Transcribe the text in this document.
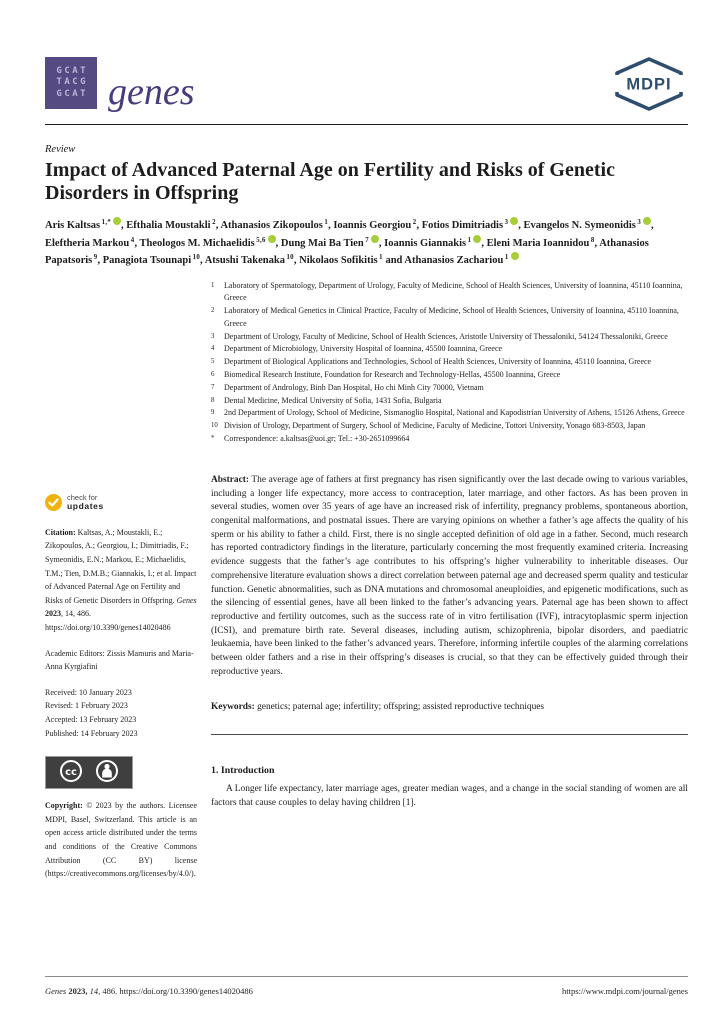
GCAT
TACG
GCAT genes	MDPI
Review
Impact of Advanced Paternal Age on Fertility and Risks of Genetic Disorders in Offspring

Aris Kaltsas $^{1,*}$ , Efthalia Moustakli $^2$, Athanasios Zikopoulos $^1$, Ioannis Georgiou $^2$, Fotios Dimitriadis $^3$ , Evangelos N. Symeonidis $^3$ , Eleftheria Markou $^4$, Theologos M. Michaelidis $^{5,6}$ , Dung Mai Ba Tien $^7$ , Ioannis Giannakis $^1$ , Eleni Maria Ioannidou $^8$, Athanasios Papatsoris $^9$, Panagiota Tsounapi $^{10}$, Atsushi Takenaka $^{10}$, Nikolaos Sofikitis $^1$ and Athanasios Zachariou $^1$

check for
updates
Citation: Kaltsas, A.; Moustakli, E.; Zikopoulos, A.; Georgiou, I.; Dimitriadis, F.; Symeonidis, E.N.; Markou, E.; Michaelidis, T.M.; Tien, D.M.B.; Giannakis, I.; et al. Impact of Advanced Paternal Age on Fertility and Risks of Genetic Disorders in Offspring. Genes 2023, 14, 486. https://doi.org/10.3390/genes14020486
Academic Editors: Zissis Mamuris and Maria-Anna Kyrgiafini
Received: 10 January 2023
Revised: 1 February 2023
Accepted: 13 February 2023
Published: 14 February 2023
cc
Copyright: © 2023 by the authors. Licensee MDPI, Basel, Switzerland. This article is an open access article distributed under the terms and conditions of the Creative Commons Attribution (CC BY) license (https://creativecommons.org/licenses/by/4.0/).
1	Laboratory of Spermatology, Department of Urology, Faculty of Medicine, School of Health Sciences, University of Ioannina, 45110 Ioannina, Greece
2	Laboratory of Medical Genetics in Clinical Practice, Faculty of Medicine, School of Health Sciences, University of Ioannina, 45110 Ioannina, Greece
3	Department of Urology, Faculty of Medicine, School of Health Sciences, Aristotle University of Thessaloniki, 54124 Thessaloniki, Greece
4	Department of Microbiology, University Hospital of Ioannina, 45500 Ioannina, Greece
5	Department of Biological Applications and Technologies, School of Health Sciences, University of Ioannina, 45110 Ioannina, Greece
6	Biomedical Research Institute, Foundation for Research and Technology-Hellas, 45500 Ioannina, Greece
7	Department of Andrology, Binh Dan Hospital, Ho chi Minh City 70000, Vietnam
8	Dental Medicine, Medical University of Sofia, 1431 Sofia, Bulgaria
9	2nd Department of Urology, School of Medicine, Sismanoglio Hospital, National and Kapodistrian University of Athens, 15126 Athens, Greece
10 Division of Urology, Department of Surgery, School of Medicine, Faculty of Medicine, Tottori University, Yonago 683-8503, Japan
*	Correspondence: a.kaltsas@uoi.gr; Tel.: +30-2651099664

Abstract: The average age of fathers at first pregnancy has risen significantly over the last decade owing to various variables, including a longer life expectancy, more access to contraception, later marriage, and other factors. As has been proven in several studies, women over 35 years of age have an increased risk of infertility, pregnancy problems, spontaneous abortion, congenital malformations, and postnatal issues. There are varying opinions on whether a father’s age affects the quality of his sperm or his ability to father a child. First, there is no single accepted definition of old age in a father. Second, much research has reported contradictory findings in the literature, particularly concerning the most frequently examined criteria. Increasing evidence suggests that the father’s age contributes to his offspring’s higher vulnerability to inheritable diseases. Our comprehensive literature evaluation shows a direct correlation between paternal age and decreased sperm quality and testicular function. Genetic abnormalities, such as DNA mutations and chromosomal aneuploidies, and epigenetic modifications, such as the silencing of essential genes, have all been linked to the father’s advancing years. Paternal age has been shown to affect reproductive and fertility outcomes, such as the success rate of in vitro fertilisation (IVF), intracytoplasmic sperm injection (ICSI), and premature birth rate. Several diseases, including autism, schizophrenia, bipolar disorders, and paediatric leukaemia, have been linked to the father’s advanced years. Therefore, informing infertile couples of the alarming correlations between older fathers and a rise in their offspring’s diseases is crucial, so that they can be effectively guided through their reproductive years.

Keywords: genetics; paternal age; infertility; offspring; assisted reproductive techniques

1. Introduction

A Longer life expectancy, later marriage ages, greater median wages, and a change in the social standing of women are all factors that cause couples to delay having children [1].

Genes 2023, 14, 486. https://doi.org/10.3390/genes14020486	https://www.mdpi.com/journal/genes
